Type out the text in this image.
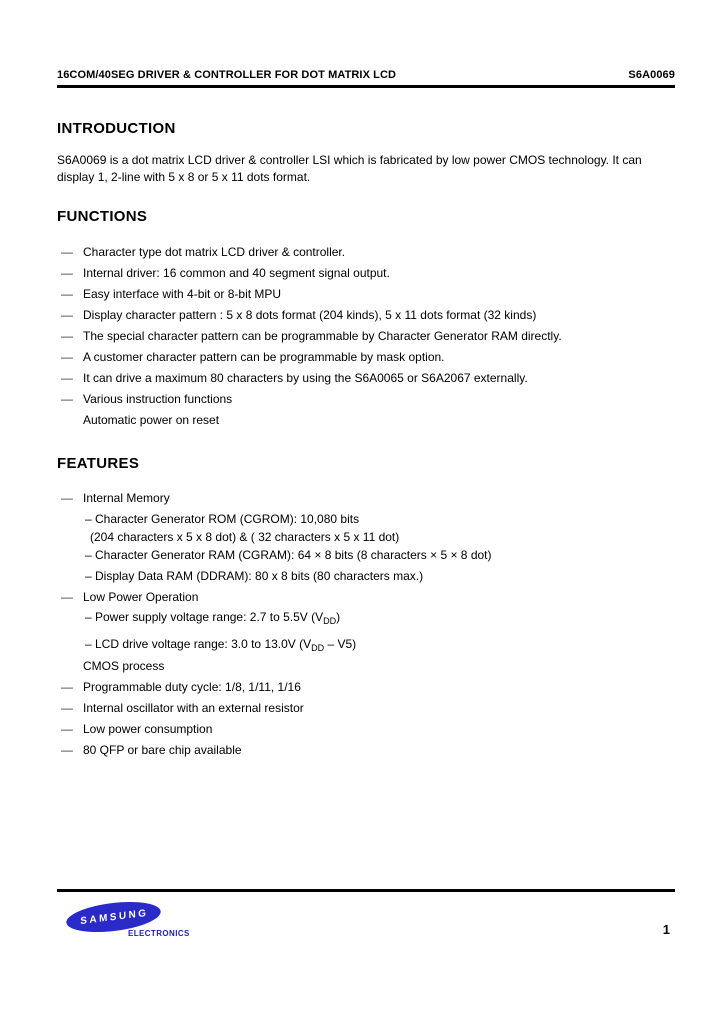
16COM/40SEG DRIVER & CONTROLLER FOR DOT MATRIX LCD	S6A0069
INTRODUCTION

S6A0069 is a dot matrix LCD driver & controller LSI which is fabricated by low power CMOS technology. It can display 1, 2-line with 5 x 8 or 5 x 11 dots format.

FUNCTIONS
— Character type dot matrix LCD driver & controller.
— Internal driver: 16 common and 40 segment signal output.
— Easy interface with 4-bit or 8-bit MPU
— Display character pattern : 5 x 8 dots format (204 kinds), 5 x 11 dots format (32 kinds)
— The special character pattern can be programmable by Character Generator RAM directly.
— A customer character pattern can be programmable by mask option.
— It can drive a maximum 80 characters by using the S6A0065 or S6A2067 externally.
— Various instruction functions
Automatic power on reset
FEATURES
— Internal Memory
– Character Generator ROM (CGROM): 10,080 bits
(204 characters x 5 x 8 dot) & ( 32 characters x 5 x 11 dot)
– Character Generator RAM (CGRAM): 64 × 8 bits (8 characters × 5 × 8 dot)
– Display Data RAM (DDRAM): 80 x 8 bits (80 characters max.)
— Low Power Operation
– Power supply voltage range: 2.7 to 5.5V $(V_{DD})$
– LCD drive voltage range: 3.0 to 13.0V $(V_{DD} - V5)$
CMOS process
— Programmable duty cycle: 1/8, 1/11, 1/16
— Internal oscillator with an external resistor
— Low power consumption
— 80 QFP or bare chip available
SAMSUNG
ELECTRONICS	1
